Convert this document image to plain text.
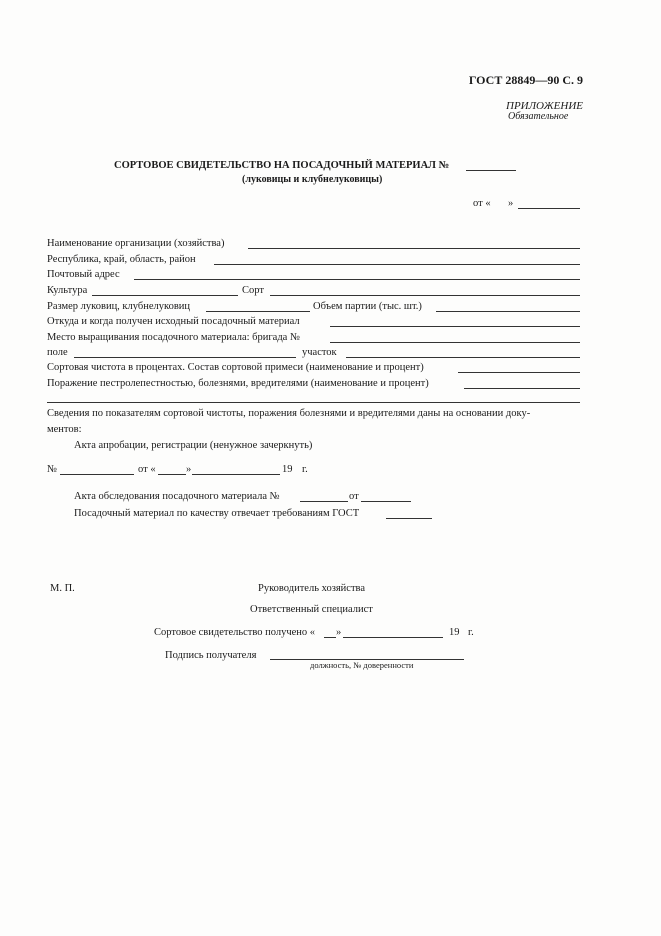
ГОСТ 28849—90 С. 9
ПРИЛОЖЕНИЕ
Обязательное
СОРТОВОЕ СВИДЕТЕЛЬСТВО НА ПОСАДОЧНЫЙ МАТЕРИАЛ №
(луковицы и клубнелуковицы)
от « »
Наименование организации (хозяйства)
Республика, край, область, район
Почтовый адрес
Культура	Сорт
Размер луковиц, клубнелуковиц	Объем партии (тыс. шт.)
Откуда и когда получен исходный посадочный материал
Место выращивания посадочного материала: бригада №
поле	участок
Сортовая чистота в процентах. Состав сортовой примеси (наименование и процент)
Поражение пестролепестностью, болезнями, вредителями (наименование и процент)
Сведения по показателям сортовой чистоты, поражения болезнями и вредителями даны на основании доку-
ментов:
Акта апробации, регистрации (ненужное зачеркнуть)
№	от «	»	19 г.
Акта обследования посадочного материала №	от
Посадочный материал по качеству отвечает требованиям ГОСТ
М. П.	Руководитель хозяйства
Ответственный специалист
Сортовое свидетельство получено « »	19 г.
Подпись получателя
должность, № доверенности
